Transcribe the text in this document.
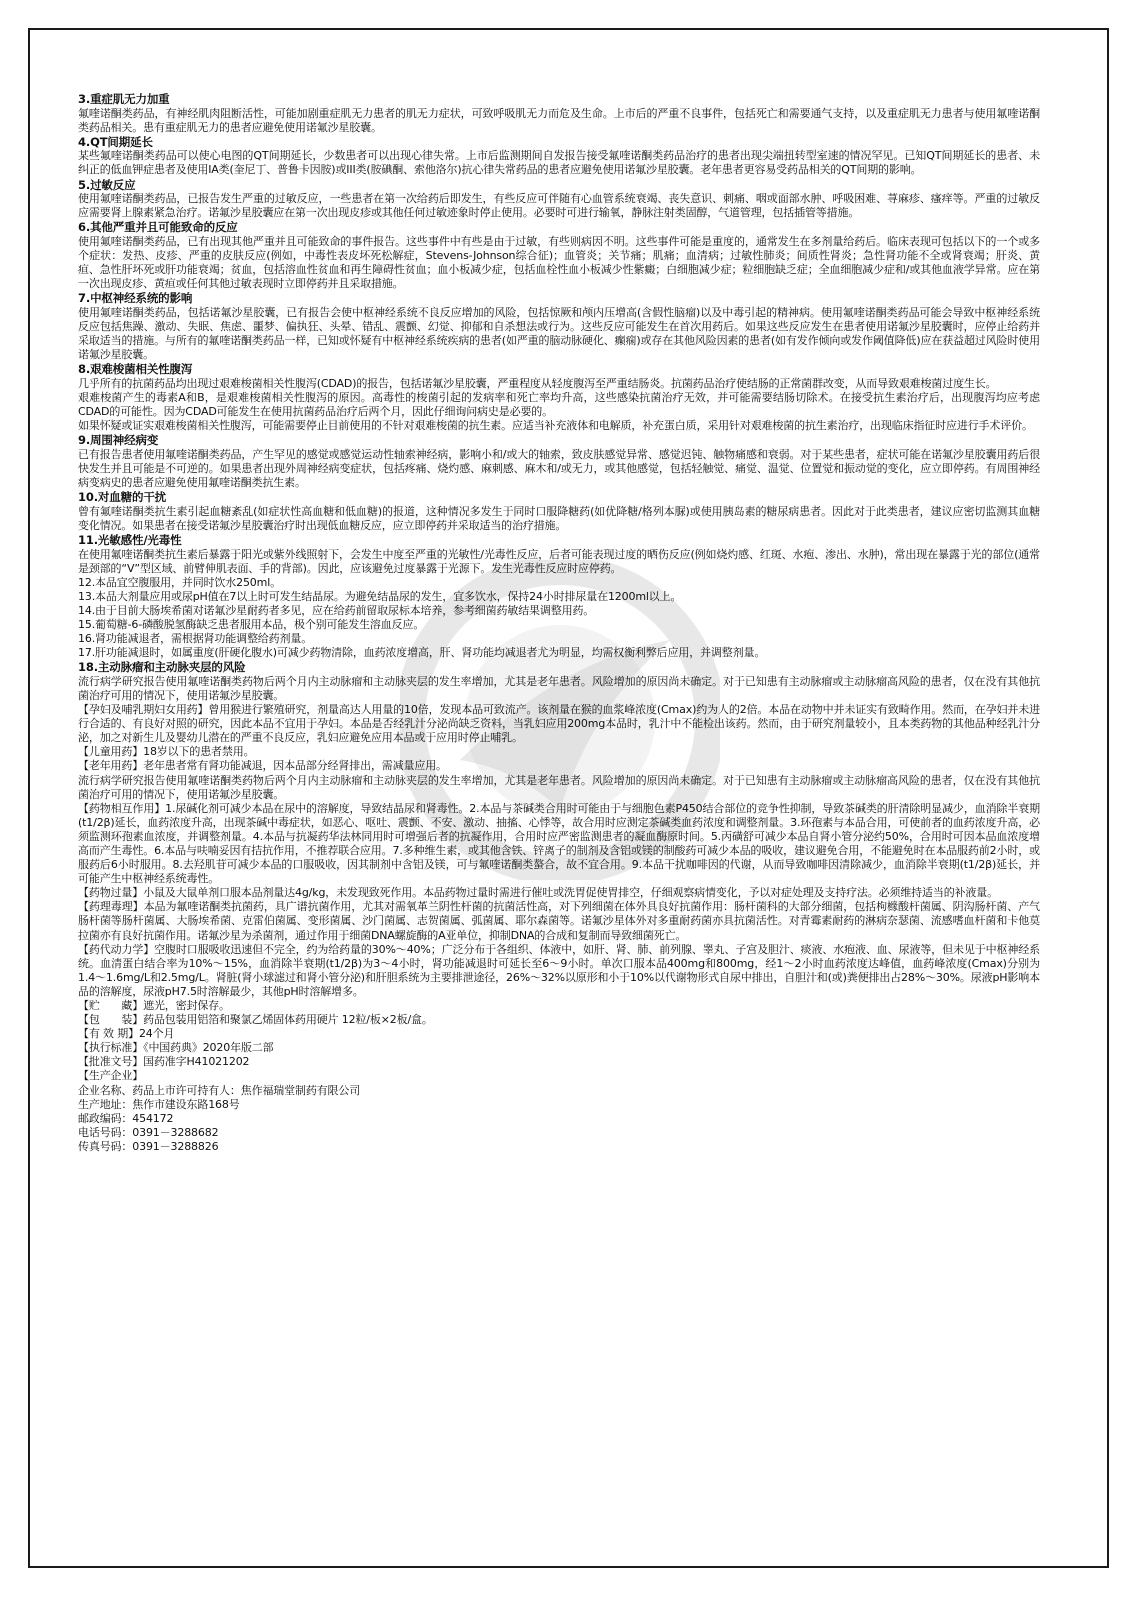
3.重症肌无力加重
氟喹诺酮类药品，有神经肌肉阻断活性，可能加剧重症肌无力患者的肌无力症状，可致呼吸肌无力而危及生命。上市后的严重不良事件，包括死亡和需要通气支持，以及重症肌无力患者与使用氟喹诺酮类药品相关。患有重症肌无力的患者应避免使用诺氟沙星胶囊。
4.QT间期延长
某些氟喹诺酮类药品可以使心电图的QT间期延长，少数患者可以出现心律失常。上市后监测期间自发报告接受氟喹诺酮类药品治疗的患者出现尖端扭转型室速的情况罕见。已知QT间期延长的患者、未纠正的低血钾症患者及使用IA类(奎尼丁、普鲁卡因胺)或III类(胺碘酮、索他洛尔)抗心律失常药品的患者应避免使用诺氟沙星胶囊。老年患者更容易受药品相关的QT间期的影响。
5.过敏反应
使用氟喹诺酮类药品，已报告发生严重的过敏反应，一些患者在第一次给药后即发生，有些反应可伴随有心血管系统衰竭、丧失意识、刺痛、咽或面部水肿、呼吸困难、荨麻疹、瘙痒等。严重的过敏反应需要肾上腺素紧急治疗。诺氟沙星胶囊应在第一次出现皮疹或其他任何过敏迹象时停止使用。必要时可进行输氧，静脉注射类固醇，气道管理，包括插管等措施。
6.其他严重并且可能致命的反应
使用氟喹诺酮类药品，已有出现其他严重并且可能致命的事件报告。这些事件中有些是由于过敏，有些则病因不明。这些事件可能是重度的，通常发生在多剂量给药后。临床表现可包括以下的一个或多个症状：发热、皮疹、严重的皮肤反应(例如，中毒性表皮坏死松解症，Stevens-Johnson综合征)；血管炎；关节痛；肌痛；血清病；过敏性肺炎；间质性肾炎；急性肾功能不全或肾衰竭；肝炎、黄疸、急性肝坏死或肝功能衰竭；贫血，包括溶血性贫血和再生障碍性贫血；血小板减少症，包括血栓性血小板减少性紫癜；白细胞减少症；粒细胞缺乏症；全血细胞减少症和/或其他血液学异常。应在第一次出现皮疹、黄疸或任何其他过敏表现时立即停药并且采取措施。
7.中枢神经系统的影响
使用氟喹诺酮类药品，包括诺氟沙星胶囊，已有报告会使中枢神经系统不良反应增加的风险，包括惊厥和颅内压增高(含假性脑瘤)以及中毒引起的精神病。使用氟喹诺酮类药品可能会导致中枢神经系统反应包括焦躁、激动、失眠、焦虑、噩梦、偏执狂、头晕、错乱、震颤、幻觉、抑郁和自杀想法或行为。这些反应可能发生在首次用药后。如果这些反应发生在患者使用诺氟沙星胶囊时，应停止给药并采取适当的措施。与所有的氟喹诺酮类药品一样，已知或怀疑有中枢神经系统疾病的患者(如严重的脑动脉硬化、癫痫)或存在其他风险因素的患者(如有发作倾向或发作阈值降低)应在获益超过风险时使用诺氟沙星胶囊。
8.艰难梭菌相关性腹泻
几乎所有的抗菌药品均出现过艰难梭菌相关性腹泻(CDAD)的报告，包括诺氟沙星胶囊，严重程度从轻度腹泻至严重结肠炎。抗菌药品治疗使结肠的正常菌群改变，从而导致艰难梭菌过度生长。
艰难梭菌产生的毒素A和B，是艰难梭菌相关性腹泻的原因。高毒性的梭菌引起的发病率和死亡率均升高，这些感染抗菌治疗无效，并可能需要结肠切除术。在接受抗生素治疗后，出现腹泻均应考虑CDAD的可能性。因为CDAD可能发生在使用抗菌药品治疗后两个月，因此仔细询问病史是必要的。
如果怀疑或证实艰难梭菌相关性腹泻，可能需要停止目前使用的不针对艰难梭菌的抗生素。应适当补充液体和电解质，补充蛋白质，采用针对艰难梭菌的抗生素治疗，出现临床指征时应进行手术评价。
9.周围神经病变
已有报告患者使用氟喹诺酮类药品，产生罕见的感觉或感觉运动性轴索神经病，影响小和/或大的轴索，致皮肤感觉异常、感觉迟钝、触物痛感和衰弱。对于某些患者，症状可能在诺氟沙星胶囊用药后很快发生并且可能是不可逆的。如果患者出现外周神经病变症状，包括疼痛、烧灼感、麻刺感、麻木和/或无力，或其他感觉，包括轻触觉、痛觉、温觉、位置觉和振动觉的变化，应立即停药。有周围神经病变病史的患者应避免使用氟喹诺酮类抗生素。
10.对血糖的干扰
曾有氟喹诺酮类抗生素引起血糖紊乱(如症状性高血糖和低血糖)的报道，这种情况多发生于同时口服降糖药(如优降糖/格列本脲)或使用胰岛素的糖尿病患者。因此对于此类患者，建议应密切监测其血糖变化情况。如果患者在接受诺氟沙星胶囊治疗时出现低血糖反应，应立即停药并采取适当的治疗措施。
11.光敏感性/光毒性
在使用氟喹诺酮类抗生素后暴露于阳光或紫外线照射下，会发生中度至严重的光敏性/光毒性反应，后者可能表现过度的晒伤反应(例如烧灼感、红斑、水疱、渗出、水肿)，常出现在暴露于光的部位(通常是颈部的“V”型区域、前臂伸肌表面、手的背部)。因此，应该避免过度暴露于光源下。发生光毒性反应时应停药。
12.本品宜空腹服用，并同时饮水250ml。
13.本品大剂量应用或尿pH值在7以上时可发生结晶尿。为避免结晶尿的发生，宜多饮水，保持24小时排尿量在1200ml以上。
14.由于目前大肠埃希菌对诺氟沙星耐药者多见，应在给药前留取尿标本培养，参考细菌药敏结果调整用药。
15.葡萄糖-6-磷酸脱氢酶缺乏患者服用本品，极个别可能发生溶血反应。
16.肾功能减退者，需根据肾功能调整给药剂量。
17.肝功能减退时，如属重度(肝硬化腹水)可减少药物清除，血药浓度增高，肝、肾功能均减退者尤为明显，均需权衡利弊后应用，并调整剂量。
18.主动脉瘤和主动脉夹层的风险
流行病学研究报告使用氟喹诺酮类药物后两个月内主动脉瘤和主动脉夹层的发生率增加，尤其是老年患者。风险增加的原因尚未确定。对于已知患有主动脉瘤或主动脉瘤高风险的患者，仅在没有其他抗菌治疗可用的情况下，使用诺氟沙星胶囊。
【孕妇及哺乳期妇女用药】曾用猴进行繁殖研究，剂量高达人用量的10倍，发现本品可致流产。该剂量在猴的血浆峰浓度(Cmax)约为人的2倍。本品在动物中并未证实有致畸作用。然而，在孕妇并未进行合适的、有良好对照的研究，因此本品不宜用于孕妇。本品是否经乳汁分泌尚缺乏资料，当乳妇应用200mg本品时，乳汁中不能检出该药。然而，由于研究剂量较小，且本类药物的其他品种经乳汁分泌，加之对新生儿及婴幼儿潜在的严重不良反应，乳妇应避免应用本品或于应用时停止哺乳。
【儿童用药】18岁以下的患者禁用。
【老年用药】老年患者常有肾功能减退，因本品部分经肾排出，需减量应用。
流行病学研究报告使用氟喹诺酮类药物后两个月内主动脉瘤和主动脉夹层的发生率增加，尤其是老年患者。风险增加的原因尚未确定。对于已知患有主动脉瘤或主动脉瘤高风险的患者，仅在没有其他抗菌治疗可用的情况下，使用诺氟沙星胶囊。
【药物相互作用】1.尿碱化剂可减少本品在尿中的溶解度，导致结晶尿和肾毒性。2.本品与茶碱类合用时可能由于与细胞色素P450结合部位的竞争性抑制，导致茶碱类的肝清除明显减少，血消除半衰期(t1/2β)延长，血药浓度升高，出现茶碱中毒症状，如恶心、呕吐、震颤、不安、激动、抽搐、心悸等，故合用时应测定茶碱类血药浓度和调整剂量。3.环孢素与本品合用，可使前者的血药浓度升高，必须监测环孢素血浓度，并调整剂量。4.本品与抗凝药华法林同用时可增强后者的抗凝作用，合用时应严密监测患者的凝血酶原时间。5.丙磺舒可减少本品自肾小管分泌约50%，合用时可因本品血浓度增高而产生毒性。6.本品与呋喃妥因有拮抗作用，不推荐联合应用。7.多种维生素，或其他含铁、锌离子的制剂及含铝或镁的制酸药可减少本品的吸收，建议避免合用，不能避免时在本品服药前2小时，或服药后6小时服用。8.去羟肌苷可减少本品的口服吸收，因其制剂中含铝及镁，可与氟喹诺酮类螯合，故不宜合用。9.本品干扰咖啡因的代谢，从而导致咖啡因清除减少，血消除半衰期(t1/2β)延长，并可能产生中枢神经系统毒性。
【药物过量】小鼠及大鼠单剂口服本品剂量达4g/kg，未发现致死作用。本品药物过量时需进行催吐或洗胃促使胃排空，仔细观察病情变化，予以对症处理及支持疗法。必须维持适当的补液量。
【药理毒理】本品为氟喹诺酮类抗菌药，具广谱抗菌作用，尤其对需氧革兰阴性杆菌的抗菌活性高，对下列细菌在体外具良好抗菌作用：肠杆菌科的大部分细菌，包括枸橼酸杆菌属、阴沟肠杆菌、产气肠杆菌等肠杆菌属、大肠埃希菌、克雷伯菌属、变形菌属、沙门菌属、志贺菌属、弧菌属、耶尔森菌等。诺氟沙星体外对多重耐药菌亦具抗菌活性。对青霉素耐药的淋病奈瑟菌、流感嗜血杆菌和卡他莫拉菌亦有良好抗菌作用。诺氟沙星为杀菌剂，通过作用于细菌DNA螺旋酶的A亚单位，抑制DNA的合成和复制而导致细菌死亡。
【药代动力学】空腹时口服吸收迅速但不完全，约为给药量的30%～40%；广泛分布于各组织、体液中，如肝、肾、肺、前列腺、睾丸、子宫及胆汁、痰液、水疱液、血、尿液等，但未见于中枢神经系统。血清蛋白结合率为10%～15%，血消除半衰期(t1/2β)为3～4小时，肾功能减退时可延长至6～9小时。单次口服本品400mg和800mg，经1～2小时血药浓度达峰值，血药峰浓度(Cmax)分别为1.4～1.6mg/L和2.5mg/L。肾脏(肾小球滤过和肾小管分泌)和肝胆系统为主要排泄途径，26%～32%以原形和小于10%以代谢物形式自尿中排出，自胆汁和(或)粪便排出占28%～30%。尿液pH影响本品的溶解度，尿液pH7.5时溶解最少，其他pH时溶解增多。
【贮　　藏】遮光，密封保存。
【包　　装】药品包装用铝箔和聚氯乙烯固体药用硬片 12粒/板×2板/盒。
【有 效 期】24个月
【执行标准】《中国药典》2020年版二部
【批准文号】国药准字H41021202
【生产企业】
企业名称、药品上市许可持有人：焦作福瑞堂制药有限公司
生产地址：焦作市建设东路168号
邮政编码：454172
电话号码：0391－3288682
传真号码：0391－3288826
